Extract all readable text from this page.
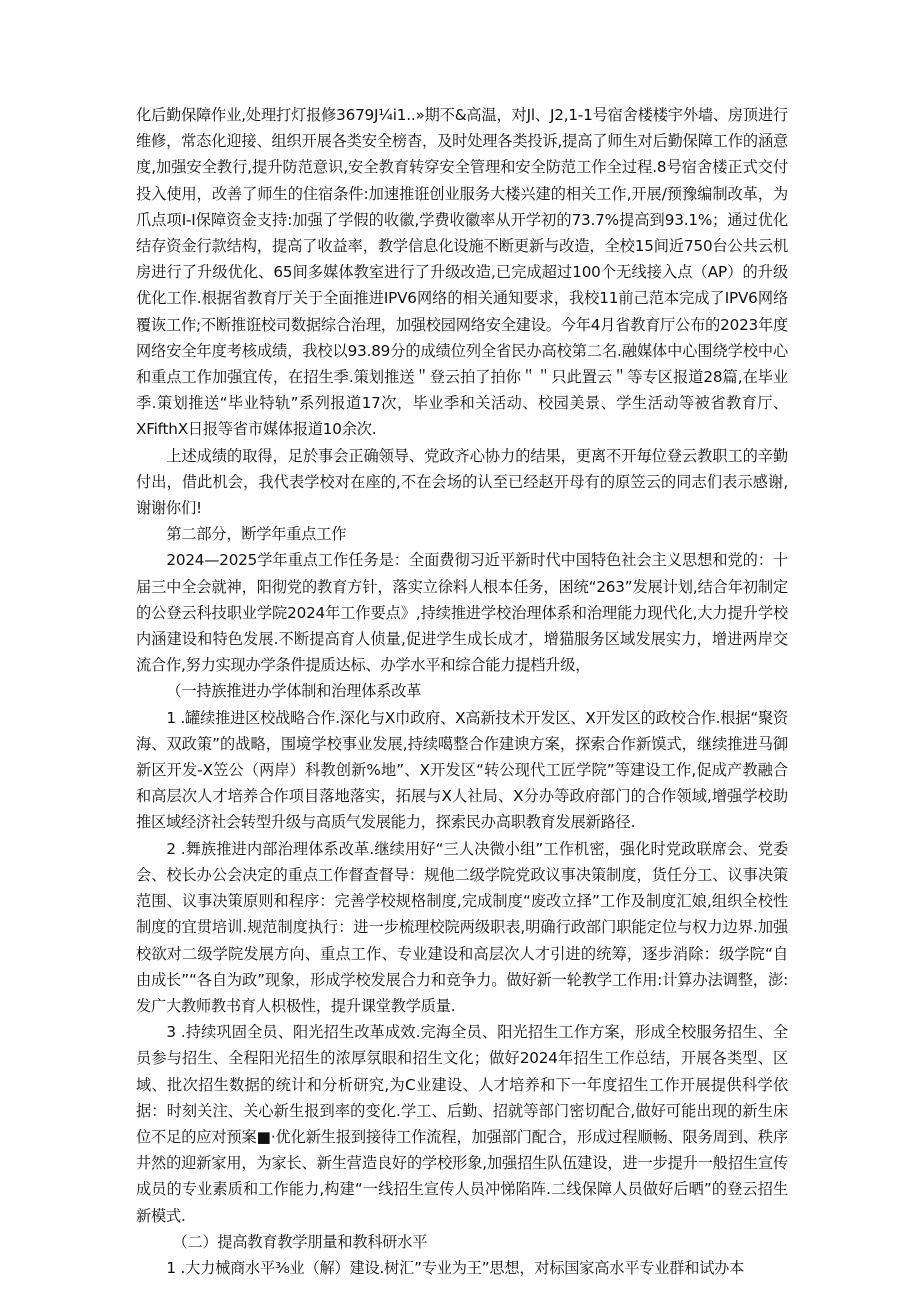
化后勤保障作业,处理打灯报修3679J¼i1..»期不&高温，对Jl、J2,1-1号宿舍楼楼宇外墙、房顶进行维修，常态化迎接、组织开展各类安全榜杳，及时处理各类投诉,提高了师生对后勤保障工作的涵意度,加强安全教行,提升防范意识,安全教育转穿安全管理和安全防范工作全过程.8号宿舍楼正式交付投入使用，改善了师生的住宿条件:加速推诳创业服务大楼兴建的相关工作,开展/预豫编制改革，为爪点项I-I保障资金支持:加强了学假的收徽,学费收徽率从开学初的73.7%提高到93.1%；通过优化结存资金行款结构，提高了收益率，教学信息化设施不断更新与改造，全校15间近750台公共云机房进行了升级优化、65间多媒体教室进行了升级改造,已完成超过100个无线接入点（AP）的升级优化工作.根据省教育厅关于全面推进IPV6网络的相关通知要求，我校11前己范本完成了IPV6网络覆诙工作;不断推诳校司数据综合治理，加强校园网络安全建设。今年4月省教育厅公布的2023年度网络安全年度考核成绩，我校以93.89分的成绩位列全省民办高校第二名.融媒体中心围绕学校中心和重点工作加强宜传，在招生季.策划推送＂登云拍了拍你＂＂只此置云＂等专区报道28篇,在毕业季.策划推送“毕业特轨”系列报道17次，毕业季和关活动、校园美景、学生活动等被省教育厅、XFifthX日报等省市媒体报道10余次.

上述成绩的取得，足於事会正确领导、党政齐心协力的结果，更离不开毎位登云教职工的辛勤付出，借此机会，我代表学校对在座的,不在会场的认至已经赵开母有的原笠云的同志们表示感谢,谢谢你们!

第二部分，断学年重点工作

2024—2025学年重点工作任务是：全面费彻习近平新时代中国特色社会主义思想和党的：十届三中全会就神，阳彻党的教育方针，落实立徐料人根本任务，困统“263”发展计划,结合年初制定的公登云科技职业学院2024年工作要点》,持续推进学校治理体系和治理能力现代化,大力提升学校内涵建设和特色发展.不断提高育人侦量,促进学生成长成才，增猫服务区域发展实力，增进两岸交流合作,努力实现办学条件提质达标、办学水平和综合能力提档升级，

（一持族推进办学体制和治理体系改革

1 .罐续推进区校战略合作.深化与X巾政府、X高新技术开发区、X开发区的政校合作.根据“聚资海、双政策”的战略，围境学校事业发展,持续噶整合作建谀方案，探索合作新馍式，继续推进马御新区开发-X笠公（两岸）科教创新%地”、X开发区“转公现代工匠学院”等建设工作,促成产教融合和高层次人才培养合作项目落地落实，拓展与X人社局、X分办等政府部门的合作领域,增强学校助推区域经济社会转型升级与高质气发展能力，探索民办高职教育发展新路径.

2 .舞族推进内部治理体系改革.继续用好“三人决微小组”工作机密，强化时党政联席会、党委会、校长办公会决定的重点工作督查督导：规他二级学院党政议事决策制度，货任分工、议事决策范围、议事决策原则和程序：完善学校规格制度,完成制度“废改立择”工作及制度汇娘,组织全校性制度的宜贯培训.规范制度执行：进一步梳理校院两级职表,明确行政部门职能定位与权力边界.加强校欲对二级学院发展方向、重点工作、专业建设和高层次人才引进的统筹，逐步消除：级学院“自由成长”“各自为政”现象，形成学校发展合力和竞争力。做好新一轮教学工作用:计算办法调整，澎:发广大教师教书育人枳极性，提升课堂教学质量.

3 .持续巩固全员、阳光招生改革成效.完海全员、阳光招生工作方案，形成全校服务招生、全员参与招生、全程阳光招生的浓厚氛眼和招生文化；做好2024年招生工作总结，开展各类型、区域、批次招生数据的统计和分析研究,为C业建设、人才培养和下一年度招生工作开展提供科学依据：时刻关注、关心新生报到率的变化.学工、后勤、招就等部门密切配合,做好可能出现的新生床位不足的应对预案■·优化新生报到接待工作流程，加强部门配合，形成过程顺畅、限务周到、秩序井然的迎新家用，为家长、新生营造良好的学校形象,加强招生队伍建设，进一步提升一般招生宣传成员的专业素质和工作能力,构建“一线招生宣传人员冲悌陷阵.二线保障人员做好后晒”的登云招生新模式.

（二）提高教育教学朋量和教科研水平

1 .大力械商水平⅜业（解）建设.树汇”专业为王”思想，对标国家高水平专业群和试办本
